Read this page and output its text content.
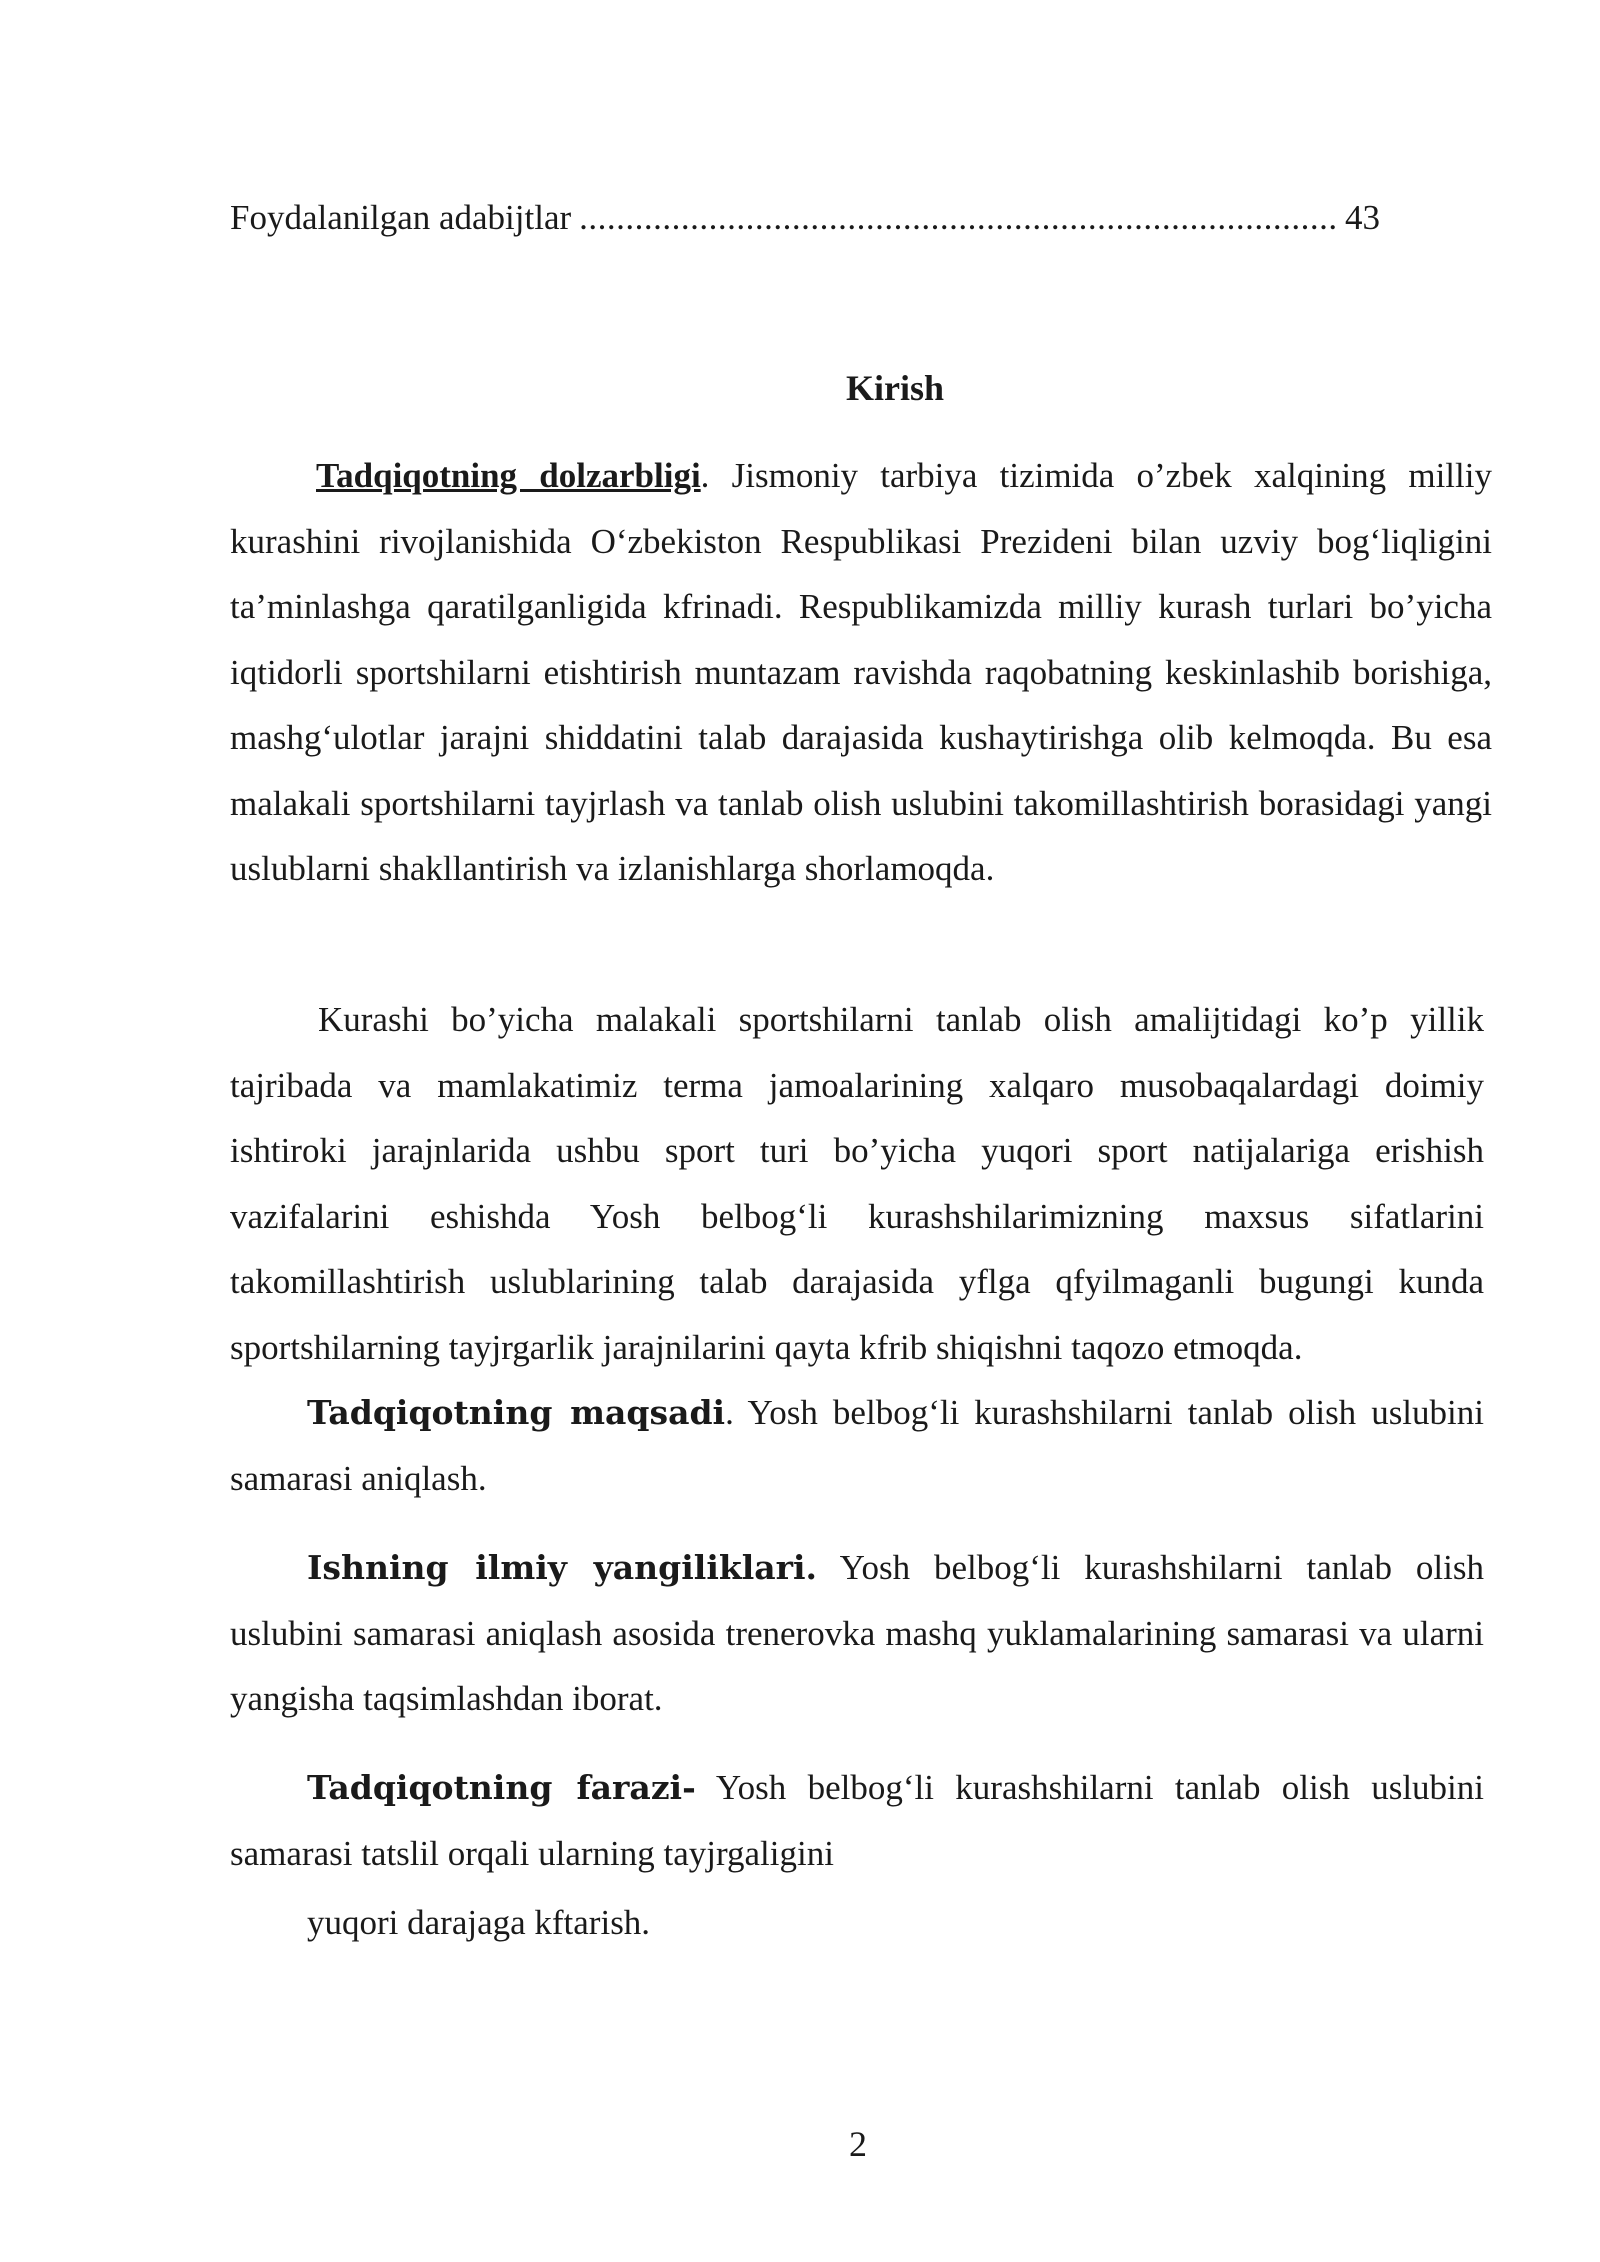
Foydalanilgan adabijtlar
.....	43
Kirish

Tadqiqotning dolzarbligi. Jismoniy tarbiya tizimida o’zbek xalqining milliy kurashini rivojlanishida O‘zbekiston Respublikasi Prezideni bilan uzviy bog‘liqligini ta’minlashga qaratilganligida kfrinadi. Respublikamizda milliy kurash turlari bo’yicha iqtidorli sportshilarni etishtirish muntazam ravishda raqobatning keskinlashib borishiga, mashg‘ulotlar jarajni shiddatini talab darajasida kushaytirishga olib kelmoqda. Bu esa malakali sportshilarni tayjrlash va tanlab olish uslubini takomillashtirish borasidagi yangi uslublarni shakllantirish va izlanishlarga shorlamoqda.

Kurashi bo’yicha malakali sportshilarni tanlab olish amalijtidagi ko’p yillik tajribada va mamlakatimiz terma jamoalarining xalqaro musobaqalardagi doimiy ishtiroki jarajnlarida ushbu sport turi bo’yicha yuqori sport natijalariga erishish vazifalarini eshishda Yosh belbog‘li kurashshilarimizning maxsus sifatlarini takomillashtirish uslublarining talab darajasida yflga qfyilmaganli bugungi kunda sportshilarning tayjrgarlik jarajnilarini qayta kfrib shiqishni taqozo etmoqda.

Tadqiqotning maqsadi. Yosh belbog‘li kurashshilarni tanlab olish uslubini samarasi aniqlash.

Ishning ilmiy yangiliklari. Yosh belbog‘li kurashshilarni tanlab olish uslubini samarasi aniqlash asosida trenerovka mashq yuklamalarining samarasi va ularni yangisha taqsimlashdan iborat.

Tadqiqotning farazi- Yosh belbog‘li kurashshilarni tanlab olish uslubini samarasi tatslil orqali ularning tayjrgaligini

yuqori darajaga kftarish.
2
